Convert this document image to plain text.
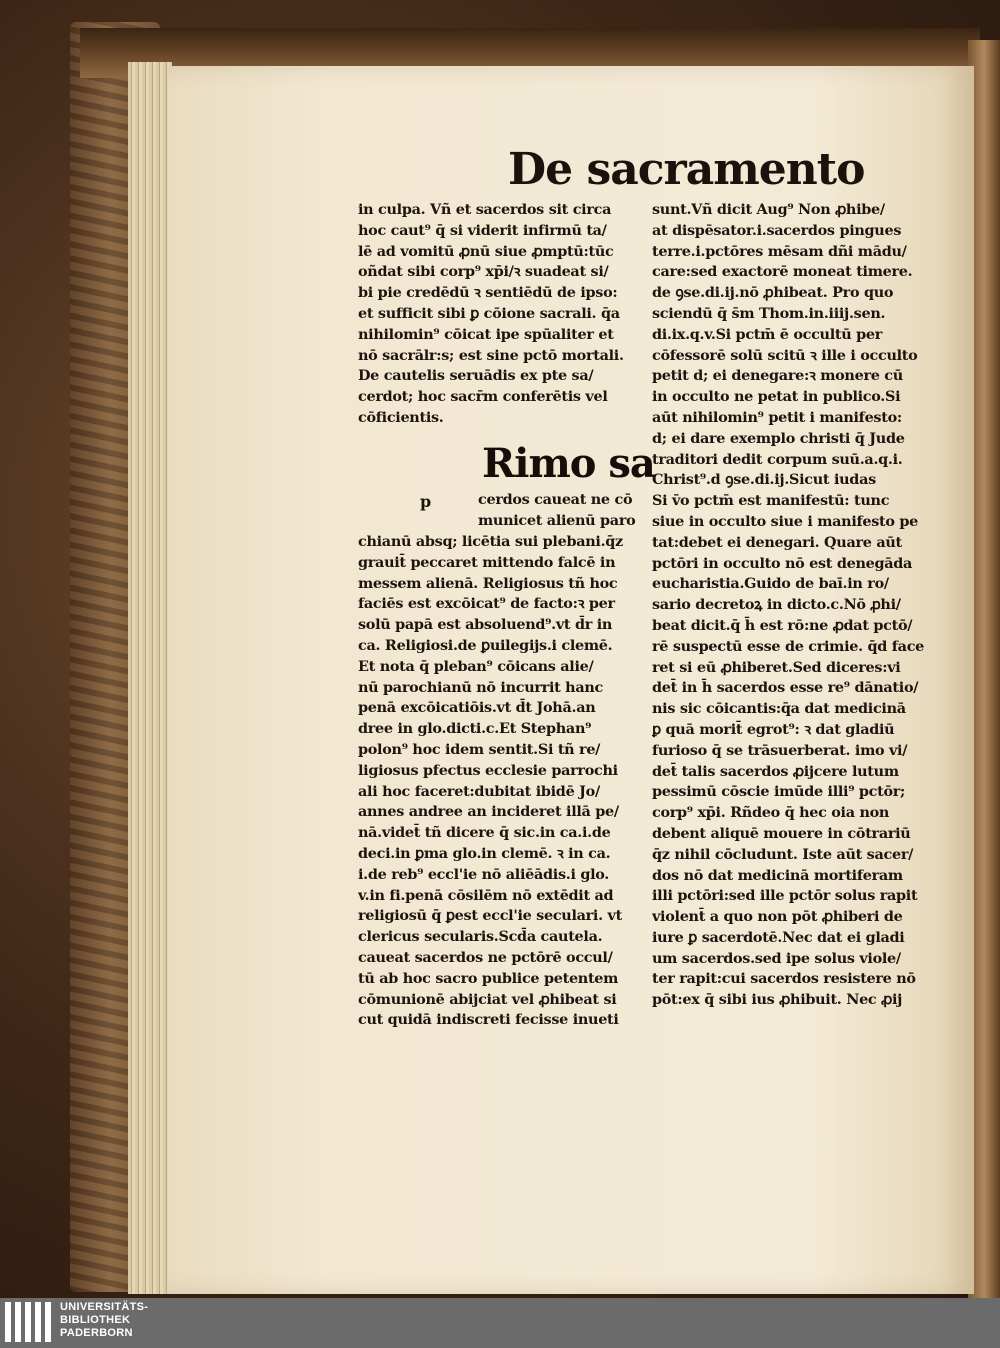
De sacramento
in culpa. Vñ et sacerdos sit circa
hoc caut⁹ q̄ si viderit infirmū ta/
lē ad vomitū ꝓnū siue ꝓmptū:tūc
oñdat sibi corp⁹ xp̄i/ꝛ suadeat si/
bi pie credēdū ꝛ sentiēdū de ipso:
et sufficit sibi ꝑ cōione sacrali. q̄a
nihilomin⁹ cōicat ipe spūaliter et
nō sacrālr:s; est sine pctō mortali.
De cautelis seruādis ex pte sa/
cerdot; hoc sacr̄m conferētis vel
cōficientis.
Rimo sa
p	cerdos caueat ne cō
municet alienū paro
chianū absq; licētia sui plebani.q̄z
grauit̄ peccaret mittendo falcē in
messem alienā. Religiosus tñ hoc
faciēs est excōicat⁹ de facto:ꝛ per
solū papā est absoluend⁹.vt d̄r in
ca. Religiosi.de ꝑuilegijs.i clemē.
Et nota q̄ pleban⁹ cōicans alie/
nū parochianū nō incurrit hanc
penā excōicatiōis.vt d̄t Johā.an
dree in glo.dicti.c.Et Stephan⁹
polon⁹ hoc idem sentit.Si tñ re/
ligiosus pfectus ecclesie parrochi
ali hoc faceret:dubitat ibidē Jo/
annes andree an incideret illā pe/
nā.videt̄ tñ dicere q̄ sic.in ca.i.de
deci.in ꝑma glo.in clemē. ꝛ in ca.
i.de reb⁹ eccl'ie nō aliēādis.i glo.
v.in fi.penā cōsilēm nō extēdit ad
religiosū q̄ ꝑest eccl'ie seculari. vt
clericus secularis.Scd̄a cautela.
caueat sacerdos ne pctōrē occul/
tū ab hoc sacro publice petentem
cōmunionē abijciat vel ꝓhibeat si
cut quidā indiscreti fecisse inueti
sunt.Vñ dicit Aug⁹ Non ꝓhibe/
at dispēsator.i.sacerdos pingues
terre.i.pctōres mēsam dñi mādu/
care:sed exactorē moneat timere.
de ꝯse.di.ij.nō ꝓhibeat. Pro quo
sciendū q̄ s̄m Thom.in.iiij.sen.
di.ix.q.v.Si pctm̄ ē occultū per
cōfessorē solū scitū ꝛ ille i occulto
petit d; ei denegare:ꝛ monere cū
in occulto ne petat in publico.Si
aūt nihilomin⁹ petit i manifesto:
d; ei dare exemplo christi q̄ Jude
traditori dedit corpum suū.a.q.i.
Christ⁹.d ꝯse.di.ij.Sicut iudas
Si v̄o pctm̄ est manifestū: tunc
siue in occulto siue i manifesto pe
tat:debet ei denegari. Quare aūt
pctōri in occulto nō est denegāda
eucharistia.Guido de baī.in ro/
sario decretoꝝ in dicto.c.Nō ꝓhi/
beat dicit.q̄ h̄ est rō:ne ꝓdat pctō/
rē suspectū esse de crimie. q̄d face
ret si eū ꝓhiberet.Sed diceres:vi
det̄ in h̄ sacerdos esse re⁹ dānatio/
nis sic cōicantis:q̄a dat medicinā
ꝑ quā morit̄ egrot⁹: ꝛ dat gladiū
furioso q̄ se trāsuerberat. imo vi/
det̄ talis sacerdos ꝓijcere lutum
pessimū cōscie imūde illi⁹ pctōr;
corp⁹ xp̄i. Rñdeo q̄ hec oia non
debent aliquē mouere in cōtrariū
q̄z nihil cōcludunt. Iste aūt sacer/
dos nō dat medicinā mortiferam
illi pctōri:sed ille pctōr solus rapit
violent̄ a quo non pōt ꝓhiberi de
iure ꝑ sacerdotē.Nec dat ei gladi
um sacerdos.sed ipe solus viole/
ter rapit:cui sacerdos resistere nō
pōt:ex q̄ sibi ius ꝓhibuit. Nec ꝓij
UNIVERSITÄTS-
BIBLIOTHEK
PADERBORN
